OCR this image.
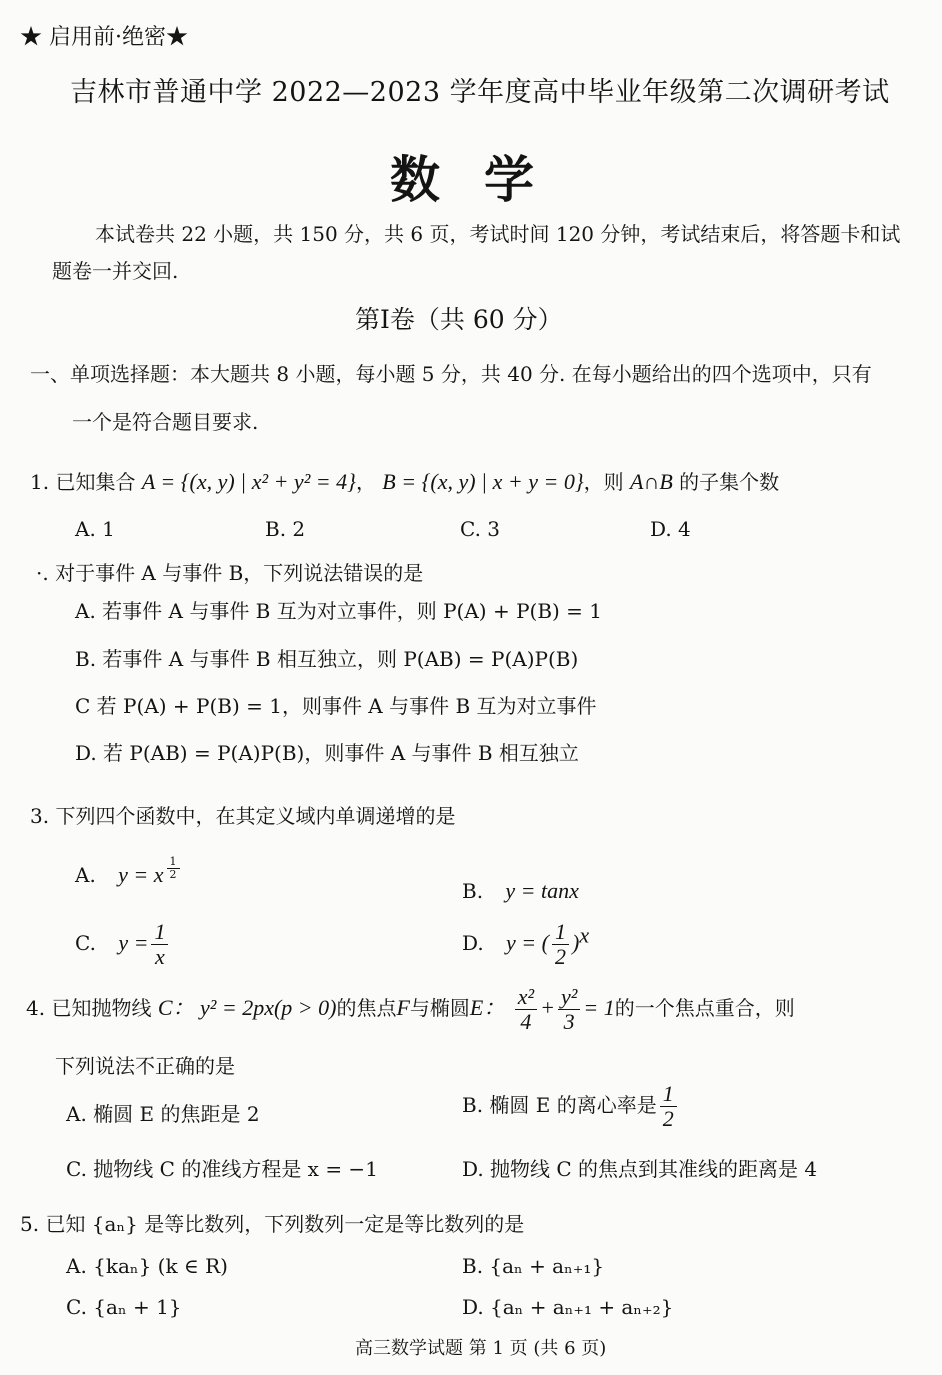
★ 启用前·绝密★
吉林市普通中学 2022—2023 学年度高中毕业年级第二次调研考试
数学
本试卷共 22 小题，共 150 分，共 6 页，考试时间 120 分钟，考试结束后，将答题卡和试
题卷一并交回.
第Ⅰ卷（共 60 分）
一、单项选择题：本大题共 8 小题，每小题 5 分，共 40 分. 在每小题给出的四个选项中，只有
一个是符合题目要求.
1. 已知集合 A = {(x, y) | x² + y² = 4}， B = {(x, y) | x + y = 0}，则 A∩B 的子集个数
A. 1	B. 2	C. 3	D. 4
·. 对于事件 A 与事件 B，下列说法错误的是
A. 若事件 A 与事件 B 互为对立事件，则 P(A) + P(B) = 1
B. 若事件 A 与事件 B 相互独立，则 P(AB) = P(A)P(B)
C 若 P(A) + P(B) = 1，则事件 A 与事件 B 互为对立事件
D. 若 P(AB) = P(A)P(B)，则事件 A 与事件 B 相互独立
3. 下列四个函数中，在其定义域内单调递增的是
A. y = x $\frac{1}{2}$
B. y = tanx
C. $y = \frac{1}{x}$	D. y = ( $\frac{1}{2} )^x$
4. 已知抛物线 C： y² = 2px(p > 0)的焦点F与椭圆E： $\frac{\text{x²}}{4} + \frac{\text{y²}}{3} = 1$的一个焦点重合，则
下列说法不正确的是
A. 椭圆 E 的焦距是 2	B. 椭圆 E 的离心率是 $\frac{1}{2}$
C. 抛物线 C 的准线方程是 x = −1	D. 抛物线 C 的焦点到其准线的距离是 4
5. 已知 {aₙ} 是等比数列，下列数列一定是等比数列的是
A. {kaₙ} (k ∈ R)	B. {aₙ + aₙ₊₁}
C. {aₙ + 1}	D. {aₙ + aₙ₊₁ + aₙ₊₂}
高三数学试题 第 1 页 (共 6 页)
